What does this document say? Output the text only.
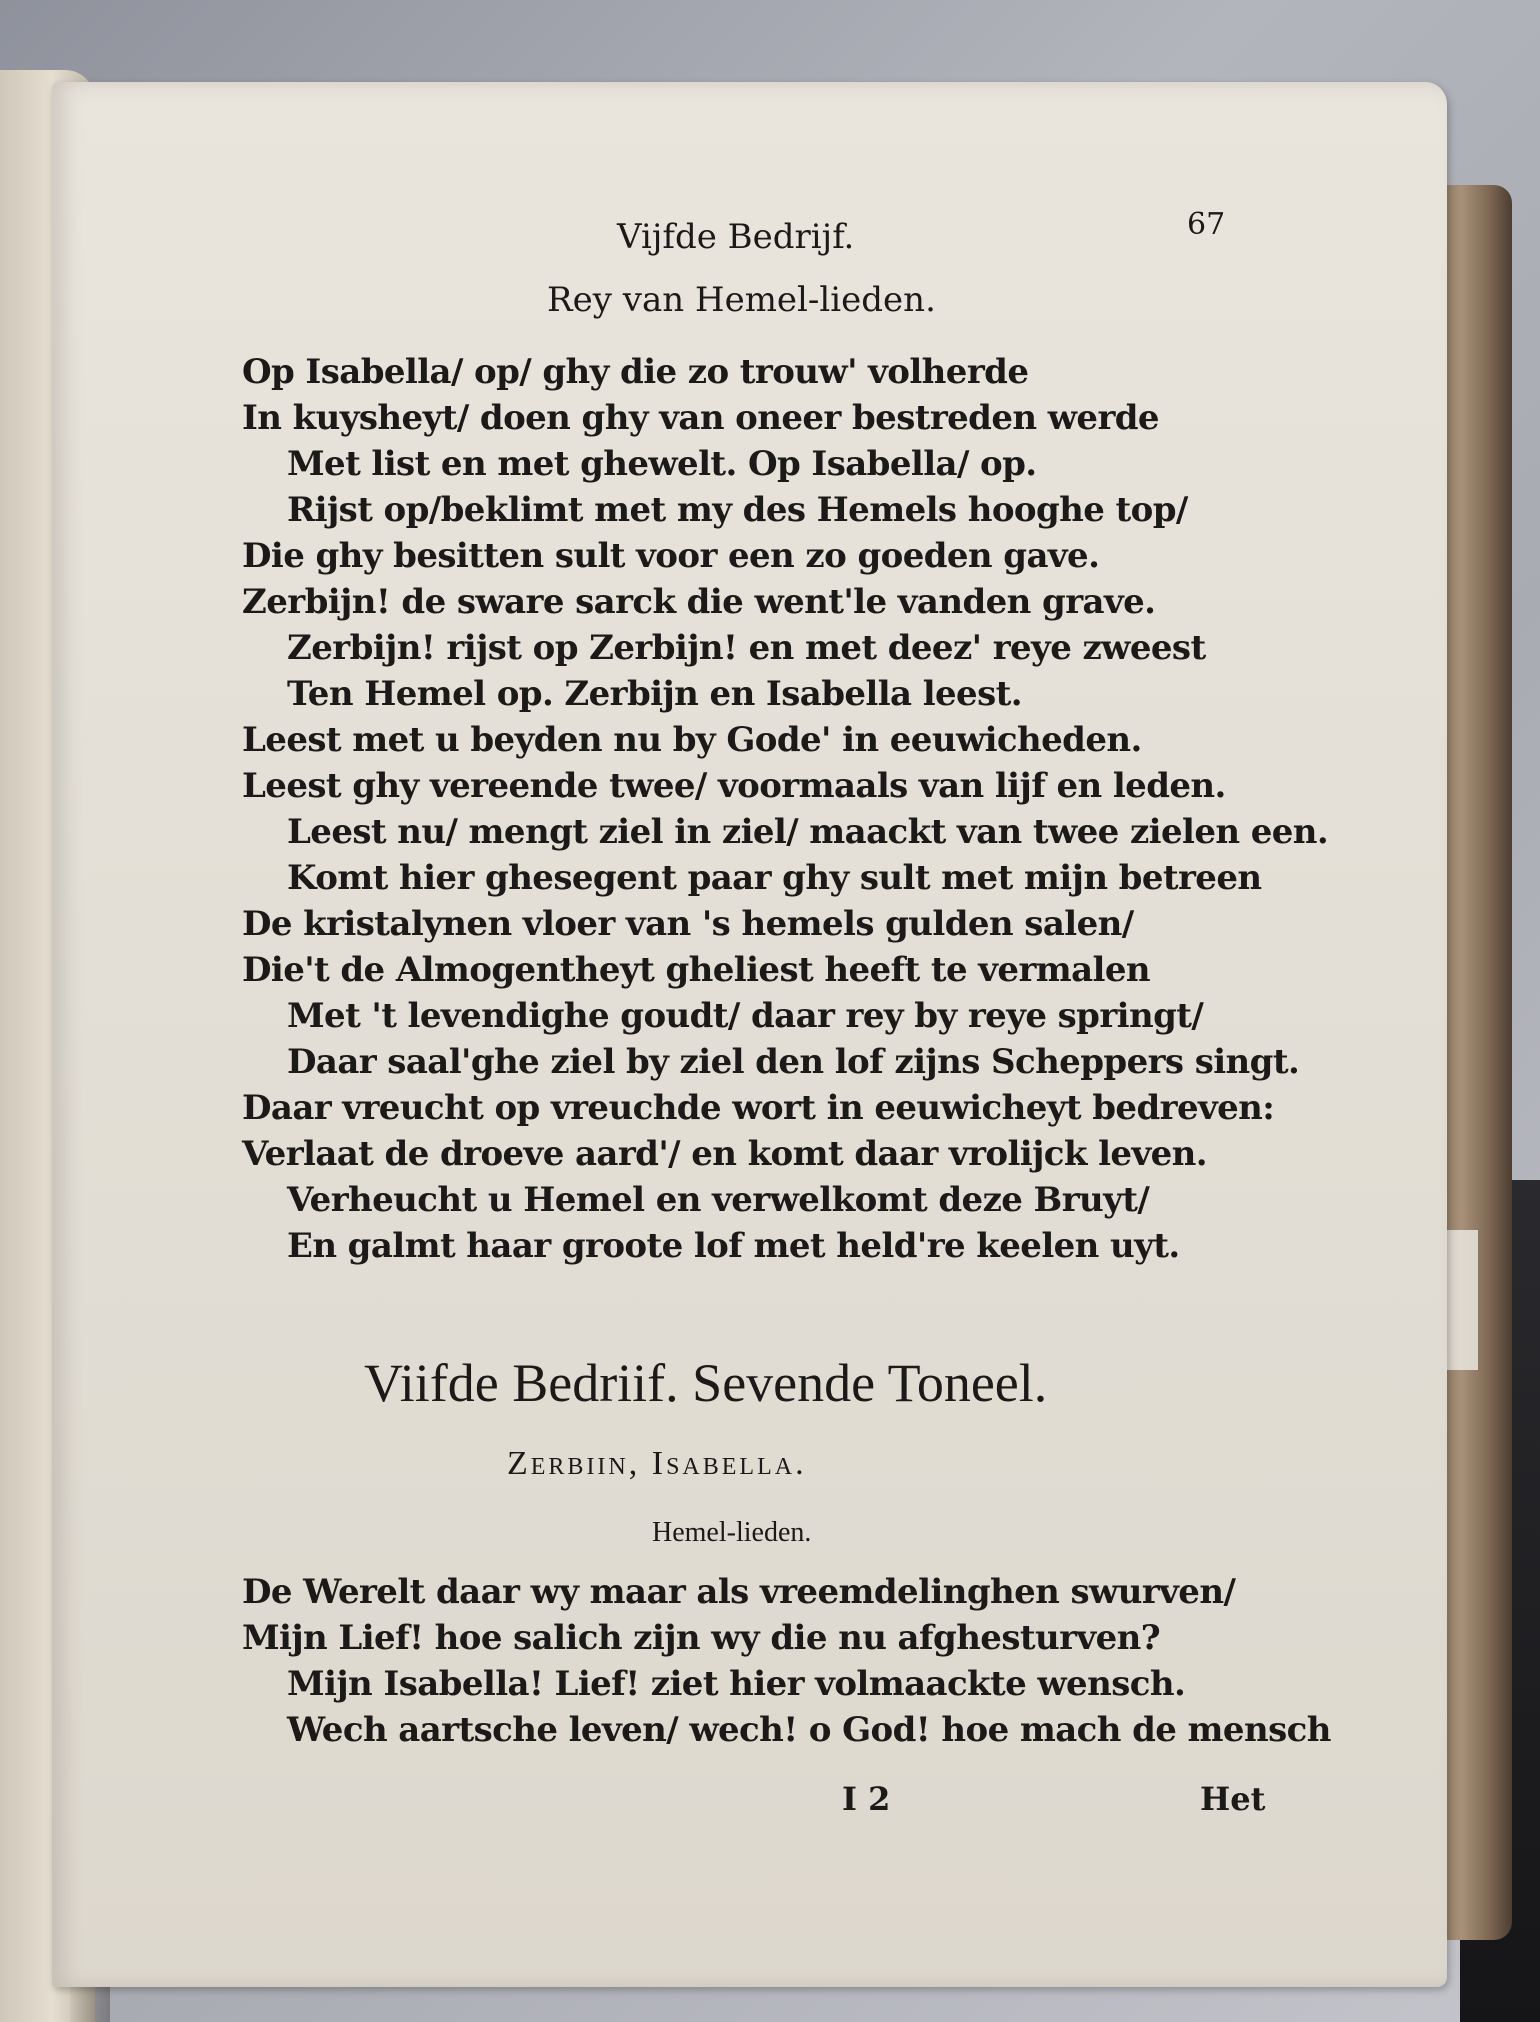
Vijfde Bedrijf.	67
Rey van Hemel-lieden.
Op Isabella/ op/ ghy die zo trouw' volherde
In kuysheyt/ doen ghy van oneer bestreden werde
Met list en met ghewelt. Op Isabella/ op.
Rijst op/beklimt met my des Hemels hooghe top/
Die ghy besitten sult voor een zo goeden gave.
Zerbijn! de sware sarck die went'le vanden grave.
Zerbijn! rijst op Zerbijn! en met deez' reye zweest
Ten Hemel op. Zerbijn en Isabella leest.
Leest met u beyden nu by Gode' in eeuwicheden.
Leest ghy vereende twee/ voormaals van lijf en leden.
Leest nu/ mengt ziel in ziel/ maackt van twee zielen een.
Komt hier ghesegent paar ghy sult met mijn betreen
De kristalynen vloer van 's hemels gulden salen/
Die't de Almogentheyt gheliest heeft te vermalen
Met 't levendighe goudt/ daar rey by reye springt/
Daar saal'ghe ziel by ziel den lof zijns Scheppers singt.
Daar vreucht op vreuchde wort in eeuwicheyt bedreven:
Verlaat de droeve aard'/ en komt daar vrolijck leven.
Verheucht u Hemel en verwelkomt deze Bruyt/
En galmt haar groote lof met held're keelen uyt.
Viifde Bedriif. Sevende Toneel.
Zerbiin, Isabella.
Hemel-lieden.
De Werelt daar wy maar als vreemdelinghen swurven/
Mijn Lief! hoe salich zijn wy die nu afghesturven?
Mijn Isabella! Lief! ziet hier volmaackte wensch.
Wech aartsche leven/ wech! o God! hoe mach de mensch
I 2	Het
